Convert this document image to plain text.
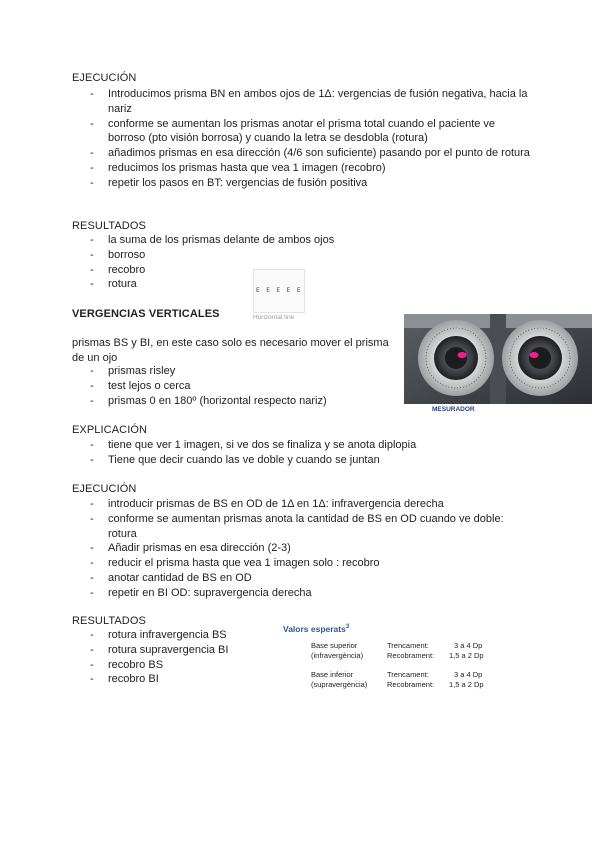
EJECUCIÓN
- Introducimos prisma BN en ambos ojos de 1Δ: vergencias de fusión negativa, hacia la nariz
- conforme se aumentan los prismas anotar el prisma total cuando el paciente ve borroso (pto visión borrosa) y cuando la letra se desdobla (rotura)
- añadimos prismas en esa dirección (4/6 son suficiente) pasando por el punto de rotura
- reducimos los prismas hasta que vea 1 imagen (recobro)
- repetir los pasos en BT: vergencias de fusión positiva
RESULTADOS
- la suma de los prismas delante de ambos ojos
- borroso
- recobro
- rotura
E E E E E
Horizontal line
VERGENCIAS VERTICALES
prismas BS y BI, en este caso solo es necesario mover el prisma de un ojo
- prismas risley
- test lejos o cerca
- prismas 0 en 180º (horizontal respecto nariz)
MESURADOR
EXPLICACIÓN
- tiene que ver 1 imagen, si ve dos se finaliza y se anota diplopia
- Tiene que decir cuando las ve doble y cuando se juntan
EJECUCIÓN
- introducir prismas de BS en OD de 1Δ en 1Δ: infravergencia derecha
- conforme se aumentan prismas anota la cantidad de BS en OD cuando ve doble: rotura
- Añadir prismas en esa dirección (2-3)
- reducir el prisma hasta que vea 1 imagen solo : recobro
- anotar cantidad de BS en OD
- repetir en BI OD: supravergencia derecha
RESULTADOS
- rotura infravergencia BS
- rotura supravergencia BI
- recobro BS
- recobro BI
Valors esperats$^3$
Base superior
(infravergència)
Trencament:	3 a 4 Dp
Recobrament: 1,5 a 2 Dp
Base inferior
(supravergència)
Trencament:	3 a 4 Dp
Recobrament: 1,5 a 2 Dp
